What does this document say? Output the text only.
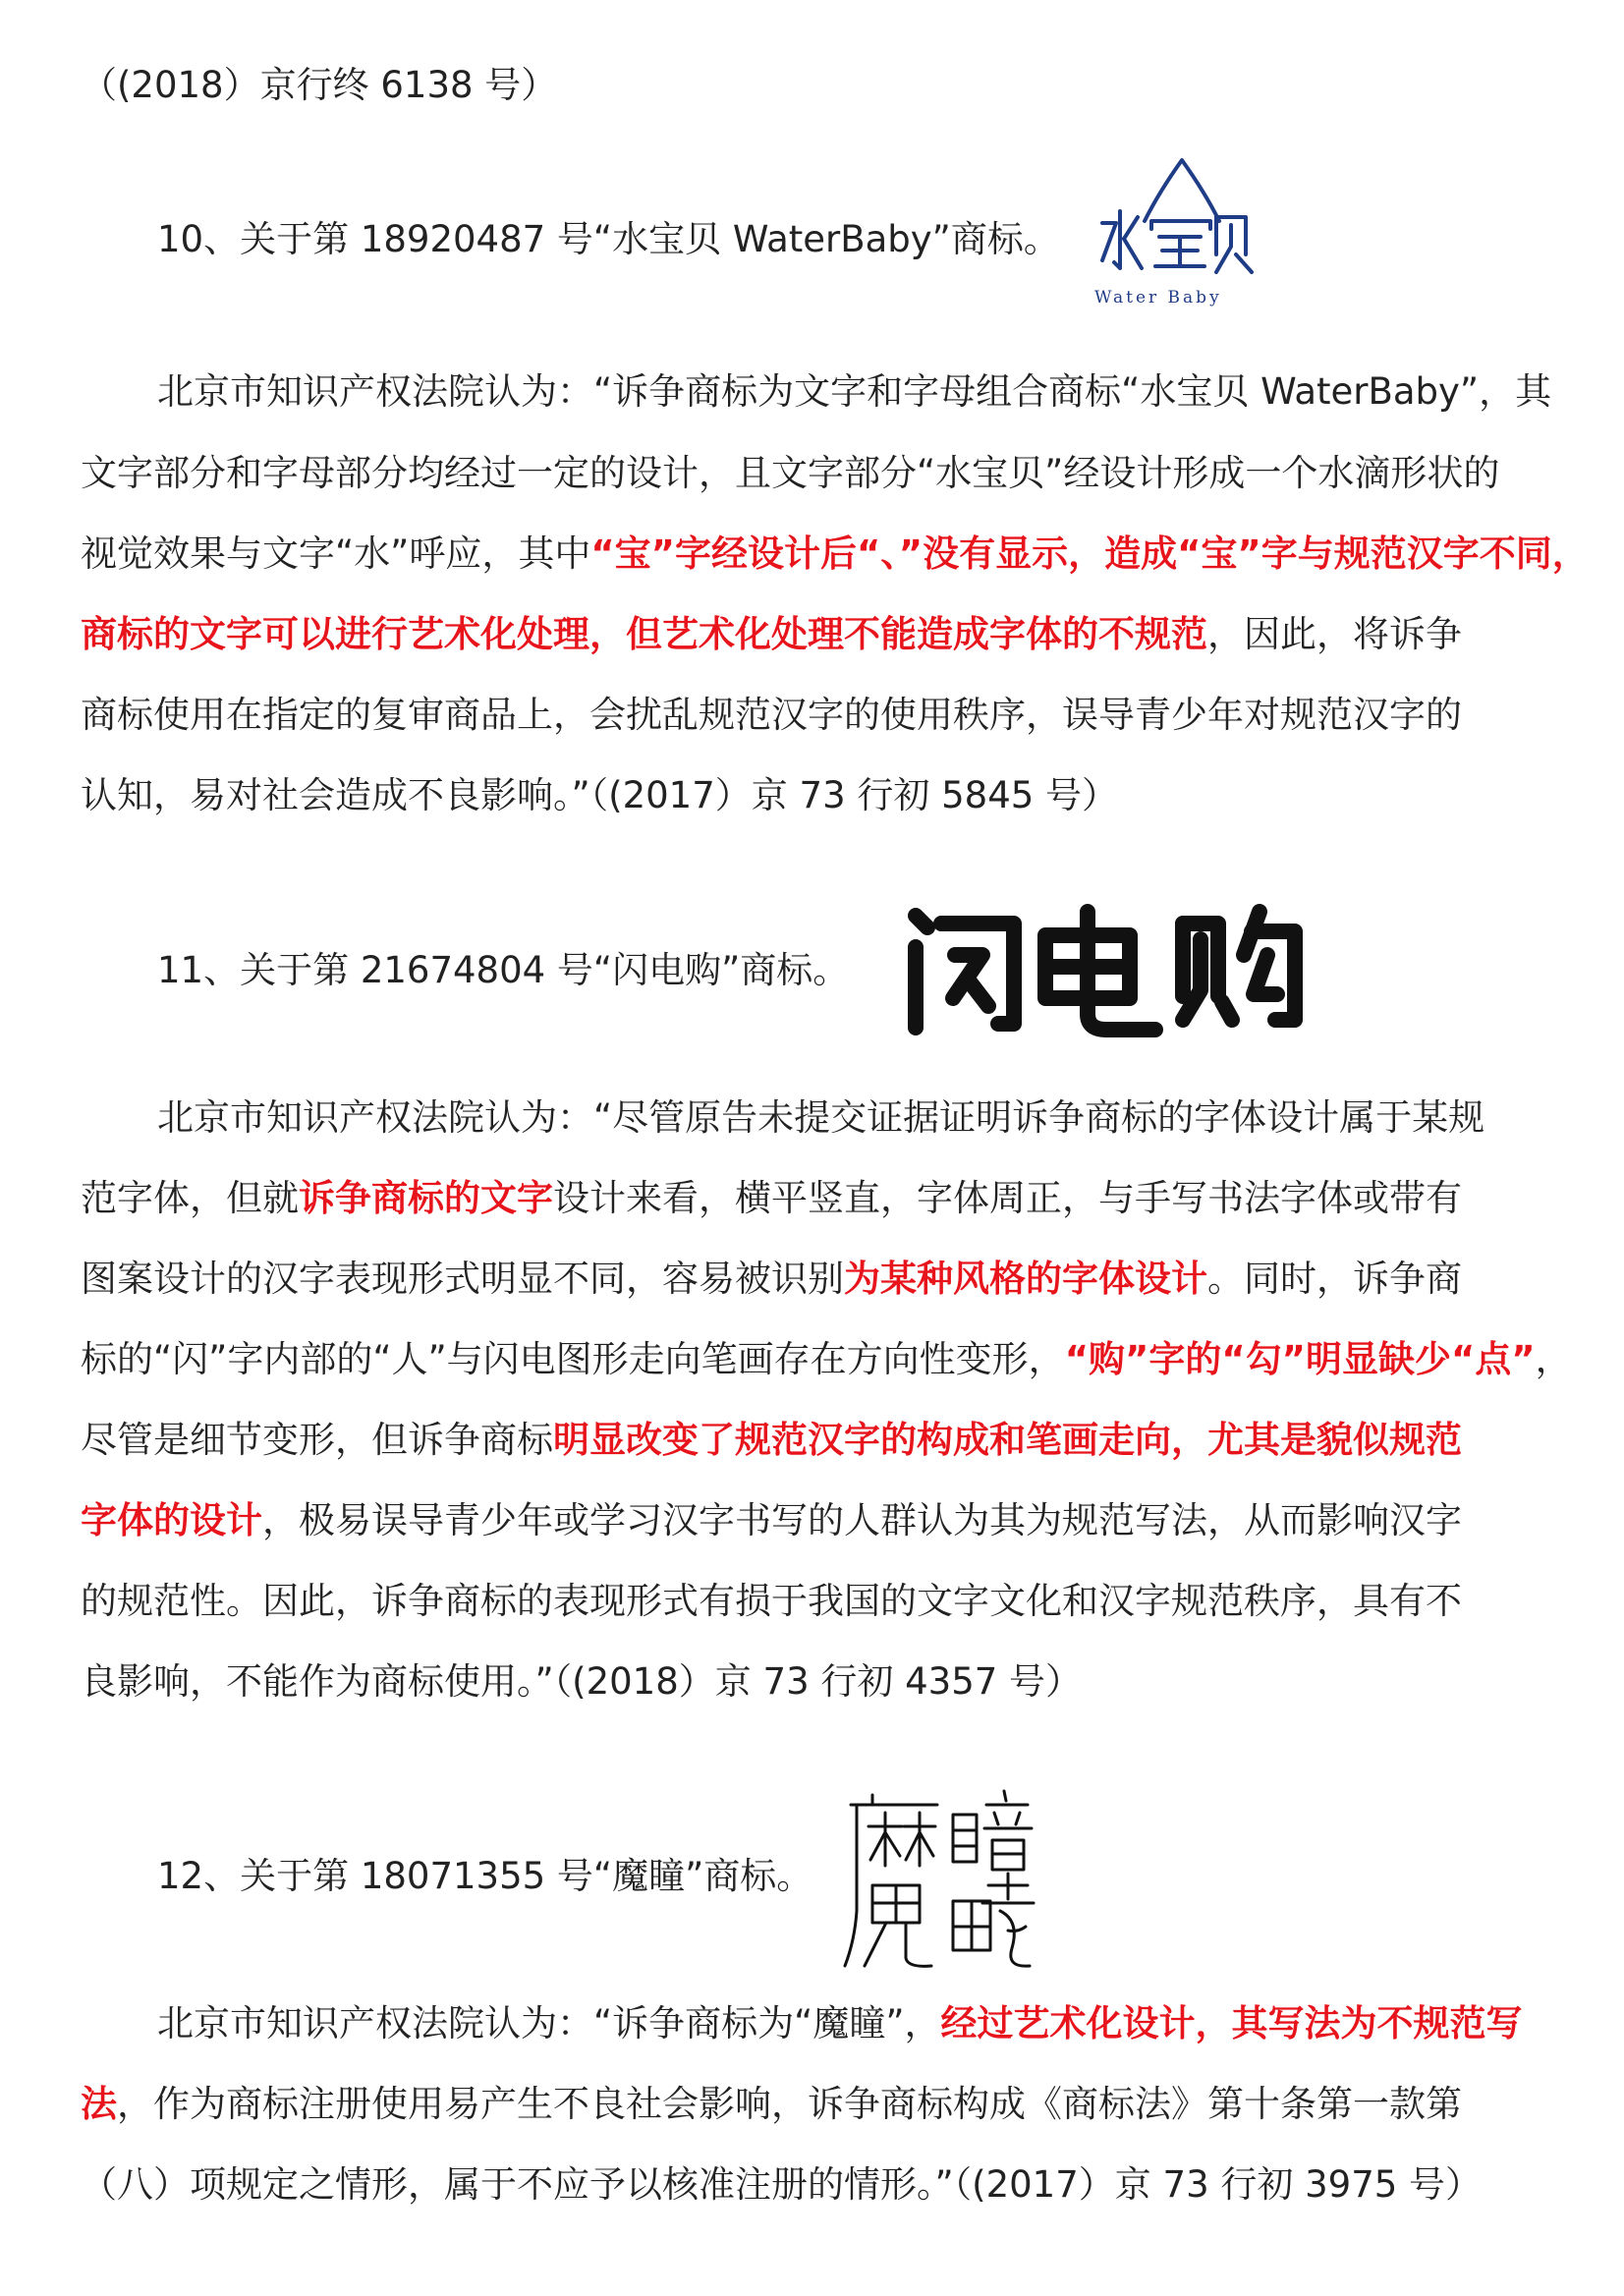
（(2018）京行终 6138 号）
10、关于第 18920487 号“水宝贝 WaterBaby”商标。
Water Baby
北京市知识产权法院认为：“诉争商标为文字和字母组合商标“水宝贝 WaterBaby”，其
文字部分和字母部分均经过一定的设计，且文字部分“水宝贝”经设计形成一个水滴形状的
视觉效果与文字“水”呼应，其中“宝”字经设计后“、”没有显示，造成“宝”字与规范汉字不同，
商标的文字可以进行艺术化处理，但艺术化处理不能造成字体的不规范，因此，将诉争
商标使用在指定的复审商品上，会扰乱规范汉字的使用秩序，误导青少年对规范汉字的
认知，易对社会造成不良影响。”（(2017）京 73 行初 5845 号）
11、关于第 21674804 号“闪电购”商标。
北京市知识产权法院认为：“尽管原告未提交证据证明诉争商标的字体设计属于某规
范字体，但就诉争商标的文字设计来看，横平竖直，字体周正，与手写书法字体或带有
图案设计的汉字表现形式明显不同，容易被识别为某种风格的字体设计。同时，诉争商
标的“闪”字内部的“人”与闪电图形走向笔画存在方向性变形，“购”字的“勾”明显缺少“点”，
尽管是细节变形，但诉争商标明显改变了规范汉字的构成和笔画走向，尤其是貌似规范
字体的设计，极易误导青少年或学习汉字书写的人群认为其为规范写法，从而影响汉字
的规范性。因此，诉争商标的表现形式有损于我国的文字文化和汉字规范秩序，具有不
良影响，不能作为商标使用。”（(2018）京 73 行初 4357 号）
12、关于第 18071355 号“魔瞳”商标。
北京市知识产权法院认为：“诉争商标为“魔瞳”，经过艺术化设计，其写法为不规范写
法，作为商标注册使用易产生不良社会影响，诉争商标构成《商标法》第十条第一款第
（八）项规定之情形，属于不应予以核准注册的情形。”（(2017）京 73 行初 3975 号）
